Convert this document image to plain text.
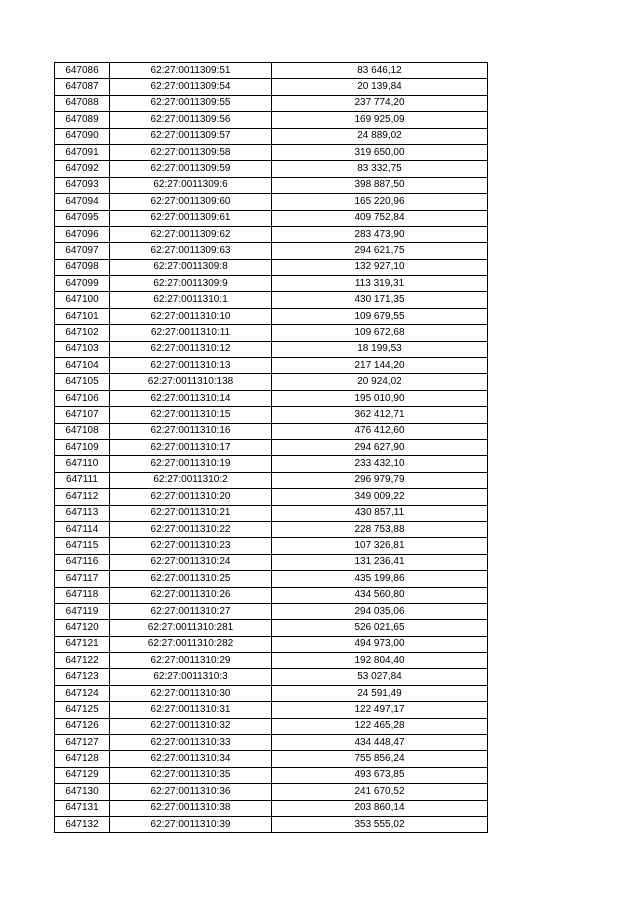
647086	62:27:0011309:51	83 646,12
647087	62:27:0011309:54	20 139,84
647088	62:27:0011309:55	237 774,20
647089	62:27:0011309:56	169 925,09
647090	62:27:0011309:57	24 889,02
647091	62:27:0011309:58	319 650,00
647092	62:27:0011309:59	83 332,75
647093	62:27:0011309:6	398 887,50
647094	62:27:0011309:60	165 220,96
647095	62:27:0011309:61	409 752,84
647096	62:27:0011309:62	283 473,90
647097	62:27:0011309:63	294 621,75
647098	62:27:0011309:8	132 927,10
647099	62:27:0011309:9	113 319,31
647100	62:27:0011310:1	430 171,35
647101	62:27:0011310:10	109 679,55
647102	62:27:0011310:11	109 672,68
647103	62:27:0011310:12	18 199,53
647104	62:27:0011310:13	217 144,20
647105	62:27:0011310:138	20 924,02
647106	62:27:0011310:14	195 010,90
647107	62:27:0011310:15	362 412,71
647108	62:27:0011310:16	476 412,60
647109	62:27:0011310:17	294 627,90
647110	62:27:0011310:19	233 432,10
647111	62:27:0011310:2	296 979,79
647112	62:27:0011310:20	349 009,22
647113	62:27:0011310:21	430 857,11
647114	62:27:0011310:22	228 753,88
647115	62:27:0011310:23	107 326,81
647116	62:27:0011310:24	131 236,41
647117	62:27:0011310:25	435 199,86
647118	62:27:0011310:26	434 560,80
647119	62:27:0011310:27	294 035,06
647120	62:27:0011310:281	526 021,65
647121	62:27:0011310:282	494 973,00
647122	62:27:0011310:29	192 804,40
647123	62:27:0011310:3	53 027,84
647124	62:27:0011310:30	24 591,49
647125	62:27:0011310:31	122 497,17
647126	62:27:0011310:32	122 465,28
647127	62:27:0011310:33	434 448,47
647128	62:27:0011310:34	755 856,24
647129	62:27:0011310:35	493 673,85
647130	62:27:0011310:36	241 670,52
647131	62:27:0011310:38	203 860,14
647132	62:27:0011310:39	353 555,02
